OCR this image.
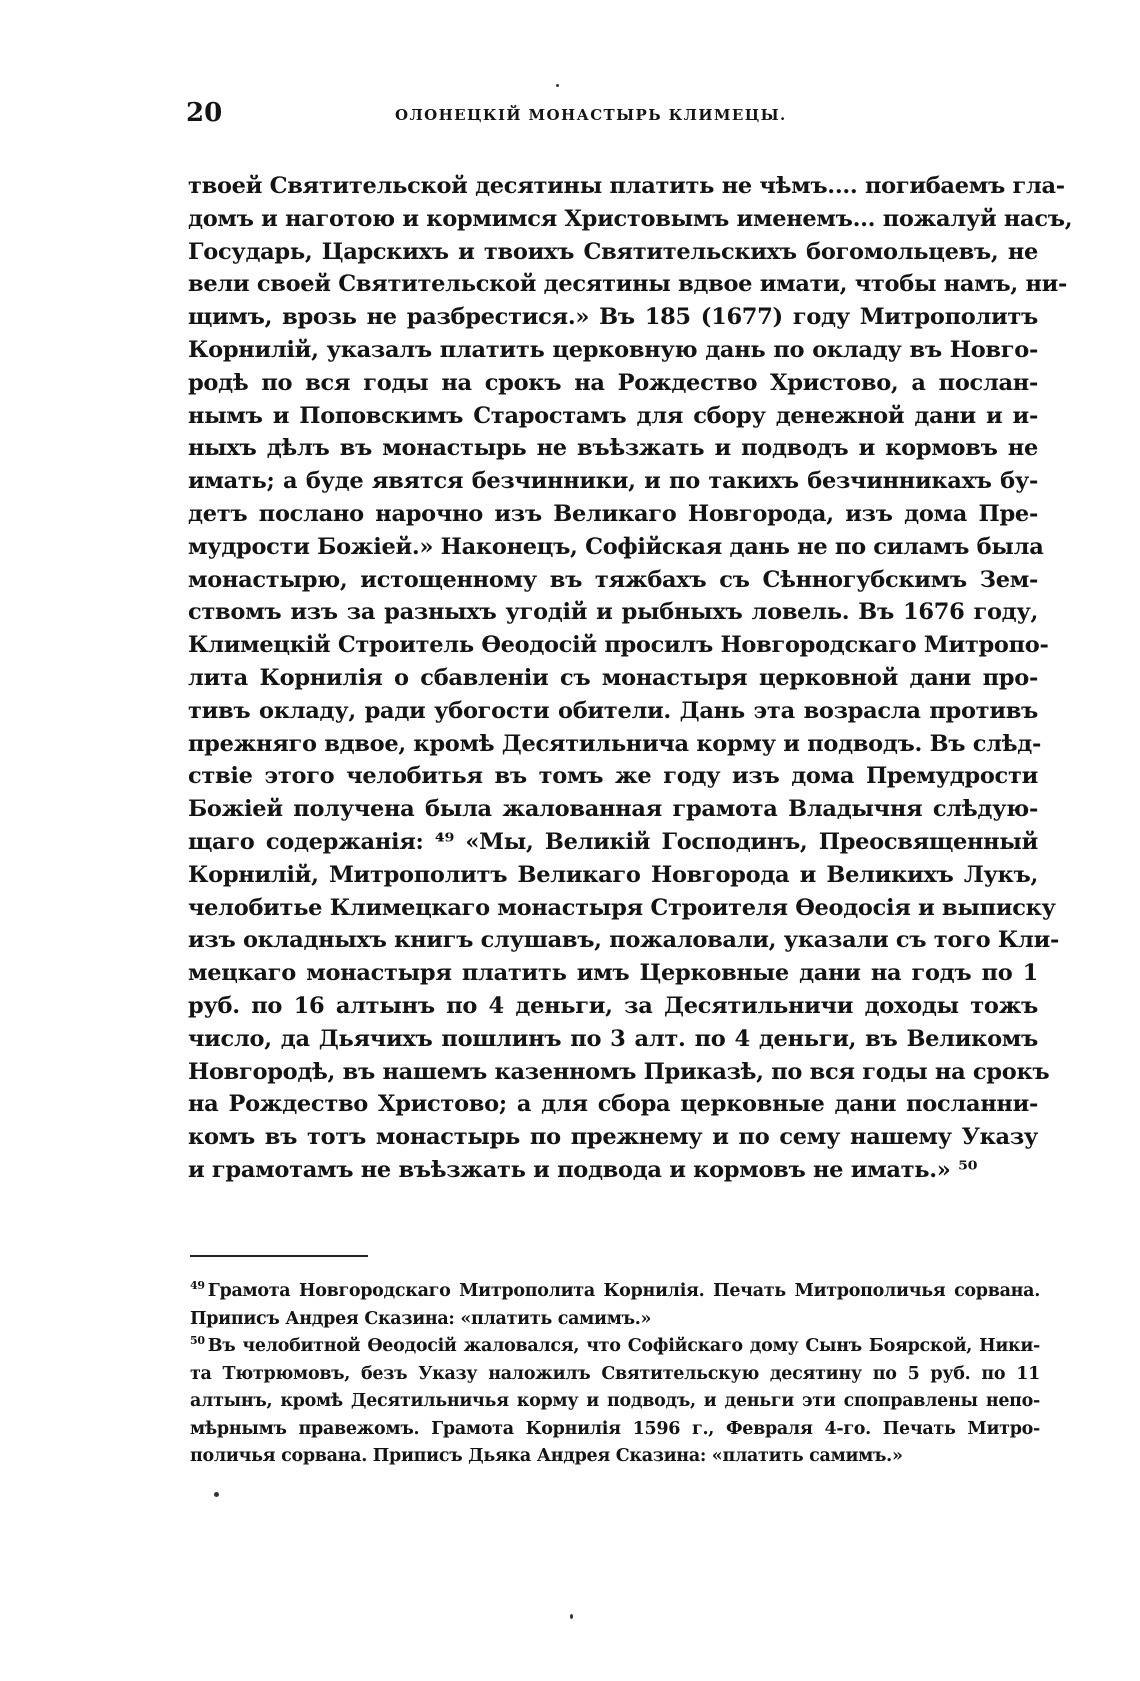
20	ОЛОНЕЦКІЙ МОНАСТЫРЬ КЛИМЕЦЫ.
твоей Святительской десятины платить не чѣмъ.... погибаемъ гла-
домъ и наготою и кормимся Христовымъ именемъ... пожалуй насъ,
Государь, Царскихъ и твоихъ Святительскихъ богомольцевъ, не
вели своей Святительской десятины вдвое имати, чтобы намъ, ни-
щимъ, врозь не разбрестися.» Въ 185 (1677) году Митрополитъ
Корнилій, указалъ платить церковную дань по окладу въ Новго-
родѣ по вся годы на срокъ на Рождество Христово, а послан-
нымъ и Поповскимъ Старостамъ для сбору денежной дани и и-
ныхъ дѣлъ въ монастырь не въѣзжать и подводъ и кормовъ не
имать; а буде явятся безчинники, и по такихъ безчинникахъ бу-
детъ послано нарочно изъ Великаго Новгорода, изъ дома Пре-
мудрости Божіей.» Наконецъ, Софійская дань не по силамъ была
монастырю, истощенному въ тяжбахъ съ Сѣнногубскимъ Зем-
ствомъ изъ за разныхъ угодій и рыбныхъ ловель. Въ 1676 году,
Климецкій Строитель Ѳеодосій просилъ Новгородскаго Митропо-
лита Корнилія о сбавленіи съ монастыря церковной дани про-
тивъ окладу, ради убогости обители. Дань эта возрасла противъ
прежняго вдвое, кромѣ Десятильнича корму и подводъ. Въ слѣд-
ствіе этого челобитья въ томъ же году изъ дома Премудрости
Божіей получена была жалованная грамота Владычня слѣдую-
щаго содержанія: ⁴⁹ «Мы, Великій Господинъ, Преосвященный
Корнилій, Митрополитъ Великаго Новгорода и Великихъ Лукъ,
челобитье Климецкаго монастыря Строителя Ѳеодосія и выписку
изъ окладныхъ книгъ слушавъ, пожаловали, указали съ того Кли-
мецкаго монастыря платить имъ Церковные дани на годъ по 1
руб. по 16 алтынъ по 4 деньги, за Десятильничи доходы тожъ
число, да Дьячихъ пошлинъ по 3 алт. по 4 деньги, въ Великомъ
Новгородѣ, въ нашемъ казенномъ Приказѣ, по вся годы на срокъ
на Рождество Христово; а для сбора церковные дани посланни-
комъ въ тотъ монастырь по прежнему и по сему нашему Указу
и грамотамъ не въѣзжать и подвода и кормовъ не имать.» ⁵⁰
$^{49}$ Грамота Новгородскаго Митрополита Корнилія. Печать Митрополичья сорвана.
Приписъ Андрея Сказина: «платить самимъ.»
$^{50}$ Въ челобитной Ѳеодосій жаловался, что Софійскаго дому Сынъ Боярской, Ники-
та Тютрюмовъ, безъ Указу наложилъ Святительскую десятину по 5 руб. по 11
алтынъ, кромѣ Десятильничья корму и подводъ, и деньги эти споправлены непо-
мѣрнымъ правежомъ. Грамота Корнилія 1596 г., Февраля 4-го. Печать Митро-
поличья сорвана. Приписъ Дьяка Андрея Сказина: «платить самимъ.»
